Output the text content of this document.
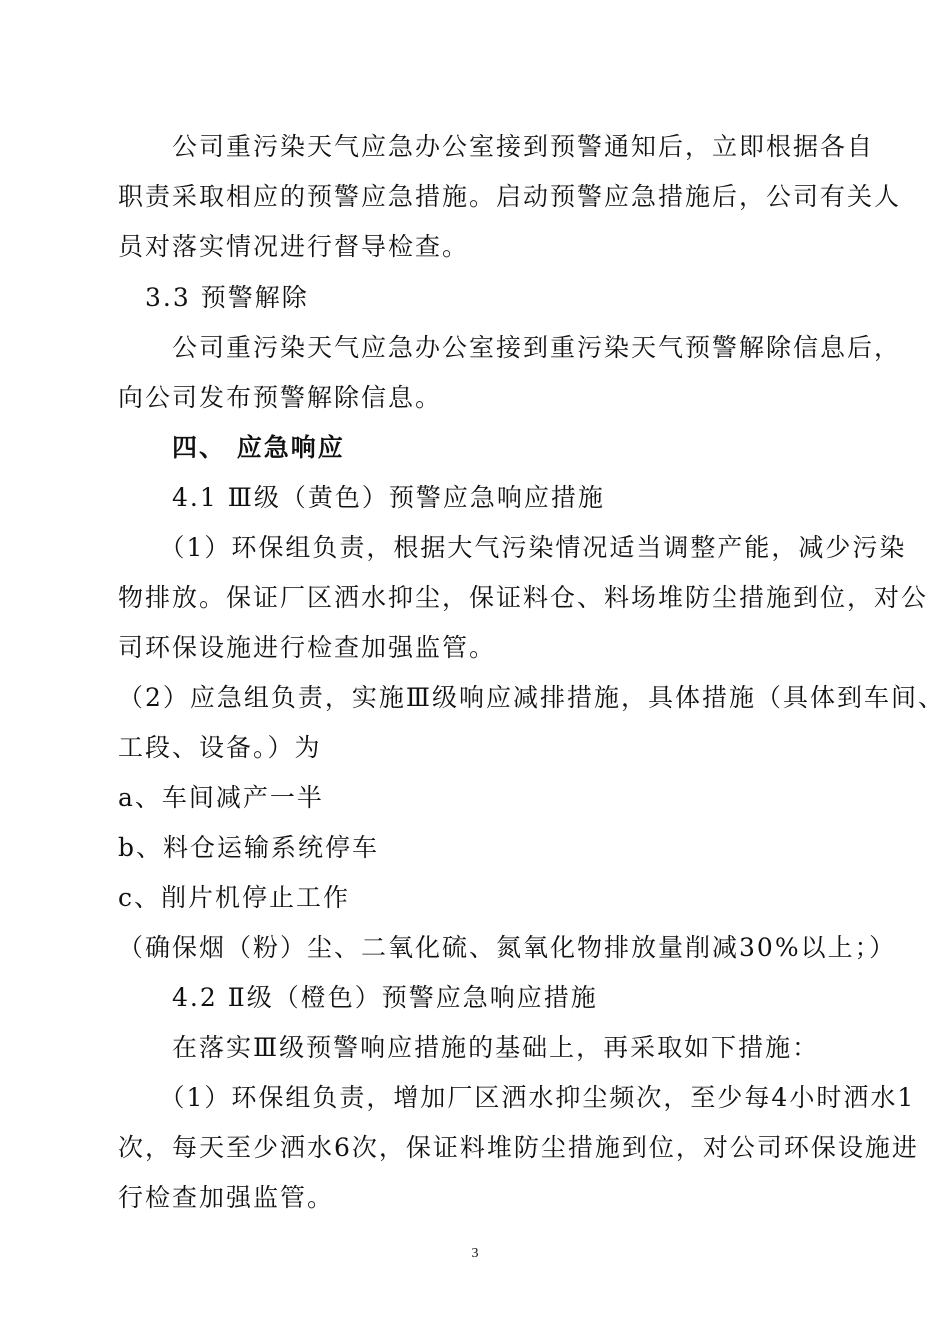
　　公司重污染天气应急办公室接到预警通知后，立即根据各自
职责采取相应的预警应急措施。启动预警应急措施后，公司有关人
员对落实情况进行督导检查。
　3.3 预警解除
　　公司重污染天气应急办公室接到重污染天气预警解除信息后，
向公司发布预警解除信息。
　　四、 应急响应
　　4.1 Ⅲ级（黄色）预警应急响应措施
　　（1）环保组负责，根据大气污染情况适当调整产能，减少污染
物排放。保证厂区洒水抑尘，保证料仓、料场堆防尘措施到位，对公
司环保设施进行检查加强监管。
（2）应急组负责，实施Ⅲ级响应减排措施，具体措施（具体到车间、
工段、设备。）为
a、车间减产一半
b、料仓运输系统停车
c、削片机停止工作
（确保烟（粉）尘、二氧化硫、氮氧化物排放量削减30%以上；）
　　4.2 Ⅱ级（橙色）预警应急响应措施
　　在落实Ⅲ级预警响应措施的基础上，再采取如下措施：
　　（1）环保组负责，增加厂区洒水抑尘频次，至少每4小时洒水1
次，每天至少洒水6次，保证料堆防尘措施到位，对公司环保设施进
行检查加强监管。
3
